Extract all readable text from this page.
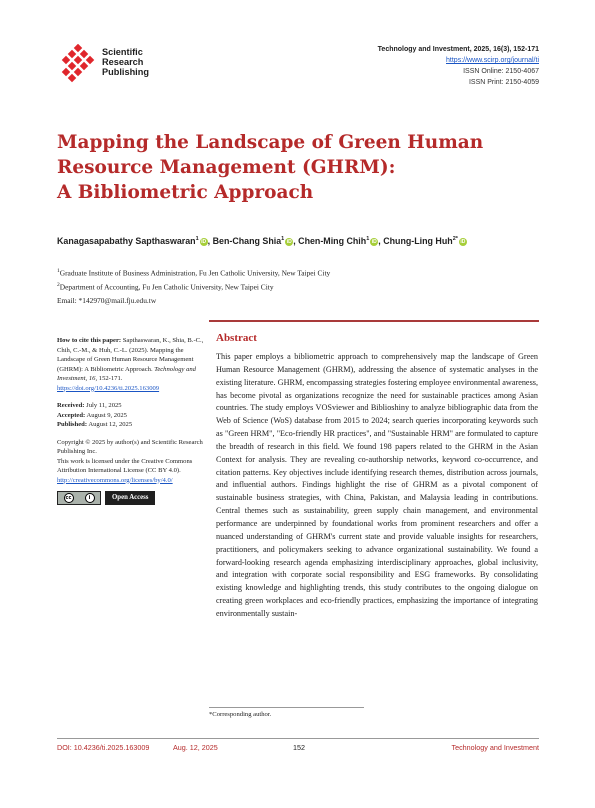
Scientific
Research
Publishing
Technology and Investment, 2025, 16(3), 152-171
https://www.scirp.org/journal/ti
ISSN Online: 2150-4067
ISSN Print: 2150-4059
Mapping the Landscape of Green Human
Resource Management (GHRM):
A Bibliometric Approach
Kanagasapabathy Sapthaswaran$^1$ iD , Ben-Chang Shia$^1$ iD , Chen-Ming Chih$^1$ iD , Chung-Ling Huh$^{2*}$ iD
$^1$Graduate Institute of Business Administration, Fu Jen Catholic University, New Taipei City
$^2$Department of Accounting, Fu Jen Catholic University, New Taipei City
Email: *142970@mail.fju.edu.tw
How to cite this paper: Sapthaswaran, K., Shia, B.-C., Chih, C.-M., & Huh, C.-L. (2025). Mapping the Landscape of Green Human Resource Management (GHRM): A Bibliometric Approach. Technology and Investment, 16, 152-171.
https://doi.org/10.4236/ti.2025.163009
Received: July 11, 2025
Accepted: August 9, 2025
Published: August 12, 2025
Copyright © 2025 by author(s) and Scientific Research Publishing Inc.
This work is licensed under the Creative Commons Attribution International License (CC BY 4.0).
http://creativecommons.org/licenses/by/4.0/
cc	i	Open Access
Abstract
This paper employs a bibliometric approach to comprehensively map the landscape of Green Human Resource Management (GHRM), addressing the absence of systematic analyses in the existing literature. GHRM, encompassing strategies fostering employee environmental awareness, has become pivotal as organizations recognize the need for sustainable practices among Asian countries. The study employs VOSviewer and Biblioshiny to analyze bibliographic data from the Web of Science (WoS) database from 2015 to 2024; search queries incorporating keywords such as "Green HRM", "Eco-friendly HR practices", and "Sustainable HRM" are formulated to capture the breadth of research in this field. We found 198 papers related to the GHRM in the Asian Context for analysis. They are revealing co-authorship networks, keyword co-occurrence, and citation patterns. Key objectives include identifying research themes, distribution across journals, and influential authors. Findings highlight the rise of GHRM as a pivotal component of sustainable business strategies, with China, Pakistan, and Malaysia leading in contributions. Central themes such as sustainability, green supply chain management, and environmental performance are underpinned by foundational works from prominent researchers and offer a nuanced understanding of GHRM's current state and provide valuable insights for researchers, practitioners, and policymakers seeking to advance organizational sustainability. We found a forward-looking research agenda emphasizing interdisciplinary approaches, global inclusivity, and integration with corporate social responsibility and ESG frameworks. By consolidating existing knowledge and highlighting trends, this study contributes to the ongoing dialogue on creating green workplaces and eco-friendly practices, emphasizing the importance of integrating environmentally sustain-
*Corresponding author.
DOI: 10.4236/ti.2025.163009	Aug. 12, 2025	152	Technology and Investment
